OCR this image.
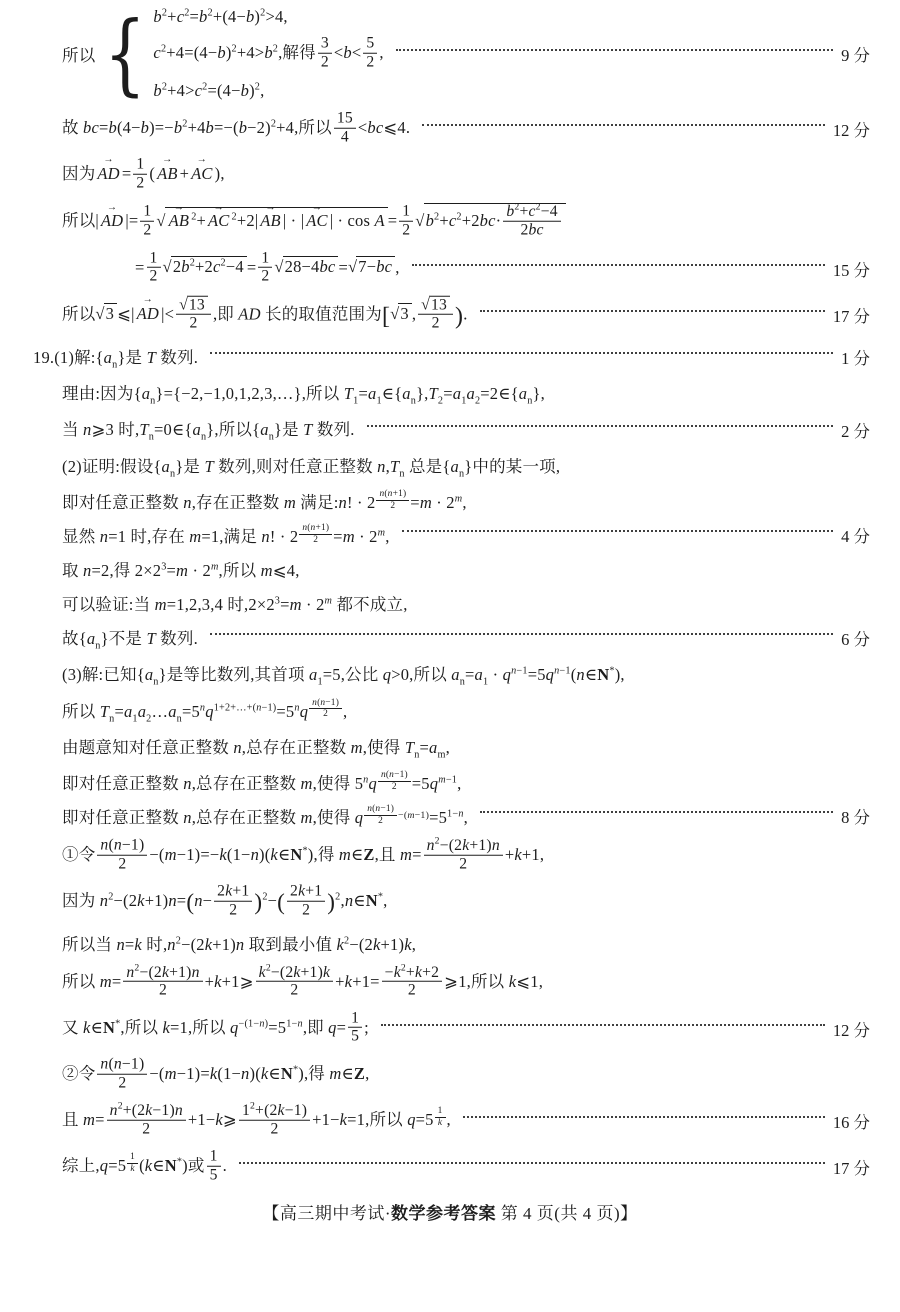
所以 { $b^2+c^2=b^2+(4-b)^2>4$,
$c^2+4=(4-b)^2+4>b^2$,解得 $\frac{3}{2} <b< \frac{5}{2}$ ,
$b^2+4>c^2=(4-b)^2$,
9 分
故 $bc=b(4-b)=-b^2+4b=-(b-2)^2+4$,所以 $\frac{15}{4}$ <bc⩽4.	12 分
因为 AD → = $\frac{1}{2}$ ( AB → + AC → ),
所以| AD → |= $\frac{1}{2}$ √ AB → $^2$+ AC → $^2$+2| AB → | · | AC → | · $\cos A = \frac{1}{2} √b^2+c^2+2bc\cdot \frac{b^2+c^2-4}{2bc}$
= $\frac{1}{2} √2b^2+2c^2-4 = \frac{1}{2} √28-4bc =√7-bc$ ,	15 分
所以√3 ⩽| AD → |< $\frac{√13}{2}$ ,即 AD 长的取值范围为[√3 , $\frac{√13}{2}$ ).	17 分
19.(1)解$:\{a_n\}$是 T 数列.	1 分
理由:因为$\{a_n\}=\{-2,-1,0,1,2,3,\dots\}$,所以 $T_1=a_1\in\{a_n\},T_2=a_1a_2=2\in\{a_n\}$,
当 n⩾3 时$,T_n=0\in\{a_n\}$,所以$\{a_n\}$是 T 数列.	2 分
(2)证明:假设$\{a_n\}$是 T 数列,则对任意正整数 $n,T_n$ 总是$\{a_n\}$中的某一项,
即对任意正整数 n,存在正整数 m 满足:n! · 2 $^{\frac{n(n+1)}{2}} =m \cdot 2^m$,
显然 n=1 时,存在 m=1,满足 n! · 2 $^{\frac{n(n+1)}{2}} =m \cdot 2^m$,	4 分
取 n=2,得 $2\times 2^3=m \cdot 2^m$,所以 m⩽4,
可以验证:当 m=1,2,3,4 时$,2\times 2^3=m \cdot 2^m$ 都不成立,
故$\{a_n\}$不是 T 数列.	6 分
(3)解:已知$\{a_n\}$是等比数列,其首项 $a_1=5$,公比 q>0,所以 $a_n=a_1$ · $q^{n-1}=5q^{n-1}(n\in N^*)$,
所以 $T_n=a_1a_2\dots a_n=5^nq^{1+2+\dots+(n-1)}=5^nq$ $^{\frac{n(n-1)}{2}}$ ,
由题意知对任意正整数 n,总存在正整数 m,使得 $T_n=a_m$,
即对任意正整数 n,总存在正整数 m,使得 5$^n$q $^{\frac{n(n-1)}{2}} =5q^{m-1}$,
即对任意正整数 n,总存在正整数 m,使得 q $^{\frac{n(n-1)}{2} -(m-1)}=5^{1-n}$,	8 分
①令 $\frac{n(n-1)}{2}$ −(m−1)=−k(1−n)(k∈N*),得 m∈Z,且 $m= \frac{n^2-(2k+1)n}{2} +k+1$,
因为 $n^2-(2k+1)n=(n- \frac{2k+1}{2} )^2-( \frac{2k+1}{2}$ )$^2,n\in N^*$,
所以当 n=k 时$,n^2-(2k+1)n$ 取到最小值 $k^2-(2k+1)k$,
所以 $m= \frac{n^2-(2k+1)n}{2}$ +k+1⩾ $\frac{k^2-(2k+1)k}{2} +k+1= \frac{-k^2+k+2}{2}$ ⩾1,所以 k⩽1,
又 k∈N*,所以 k=1,所以 $q^{-(1-n)}=5^{1-n}$,即 $q= \frac{1}{5}$ ;	12 分
②令 $\frac{n(n-1)}{2}$ −(m−1)=k(1−n)(k∈N*),得 m∈Z,
且 $m= \frac{n^2+(2k-1)n}{2}$ +1−k⩾ $\frac{1^2+(2k-1)}{2} +1-k=1$,所以 q=5 $^{\frac{1}{k}}$ ,	16 分
综上,q=5 $^{\frac{1}{k}}$ (k∈N*)或 $\frac{1}{5}$ .	17 分
【高三期中考试·数学参考答案 第 4 页(共 4 页)】
